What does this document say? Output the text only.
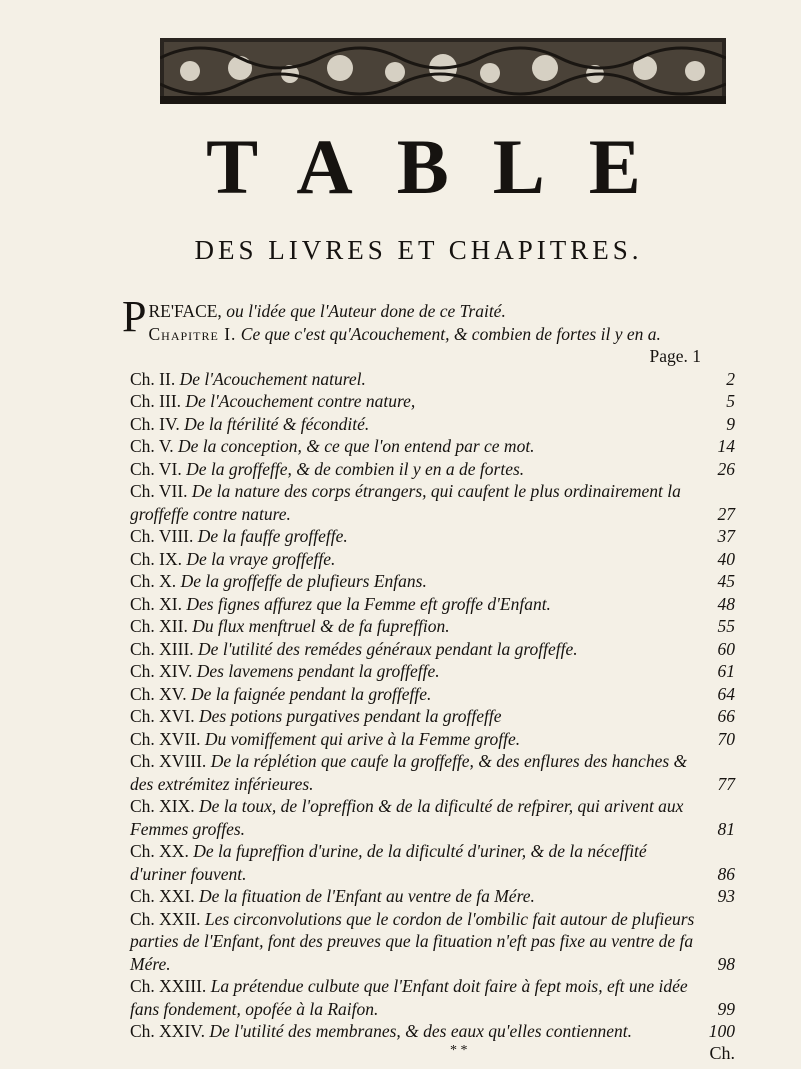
TABLE
DES LIVRES ET CHAPITRES.
P RE'FACE, ou l'idée que l'Auteur done de ce Traité.
Chapitre I. Ce que c'est qu'Acouchement, & combien de fortes il y en a.
Page. 1
Ch. II. De l'Acouchement naturel.	2
Ch. III. De l'Acouchement contre nature,	5
Ch. IV. De la ftérilité & fécondité.	9
Ch. V. De la conception, & ce que l'on entend par ce mot.	14
Ch. VI. De la groffeffe, & de combien il y en a de fortes.	26
Ch. VII. De la nature des corps étrangers, qui caufent le plus ordinairement la groffeffe contre nature.	27
Ch. VIII. De la fauffe groffeffe.	37
Ch. IX. De la vraye groffeffe.	40
Ch. X. De la groffeffe de plufieurs Enfans.	45
Ch. XI. Des fignes affurez que la Femme eft groffe d'Enfant.	48
Ch. XII. Du flux menftruel & de fa fupreffion.	55
Ch. XIII. De l'utilité des remédes généraux pendant la groffeffe.	60
Ch. XIV. Des lavemens pendant la groffeffe.	61
Ch. XV. De la faignée pendant la groffeffe.	64
Ch. XVI. Des potions purgatives pendant la groffeffe	66
Ch. XVII. Du vomiffement qui arive à la Femme groffe.	70
Ch. XVIII. De la réplétion que caufe la groffeffe, & des enflures des hanches & des extrémitez inférieures.	77
Ch. XIX. De la toux, de l'opreffion & de la dificulté de refpirer, qui arivent aux Femmes groffes.	81
Ch. XX. De la fupreffion d'urine, de la dificulté d'uriner, & de la néceffité d'uriner fouvent.	86
Ch. XXI. De la fituation de l'Enfant au ventre de fa Mére.	93
Ch. XXII. Les circonvolutions que le cordon de l'ombilic fait autour de plufieurs parties de l'Enfant, font des preuves que la fituation n'eft pas fixe au ventre de fa Mére.	98
Ch. XXIII. La prétendue culbute que l'Enfant doit faire à fept mois, eft une idée fans fondement, opofée à la Raifon.	99
Ch. XXIV. De l'utilité des membranes, & des eaux qu'elles contiennent.	100
* *	Ch.
